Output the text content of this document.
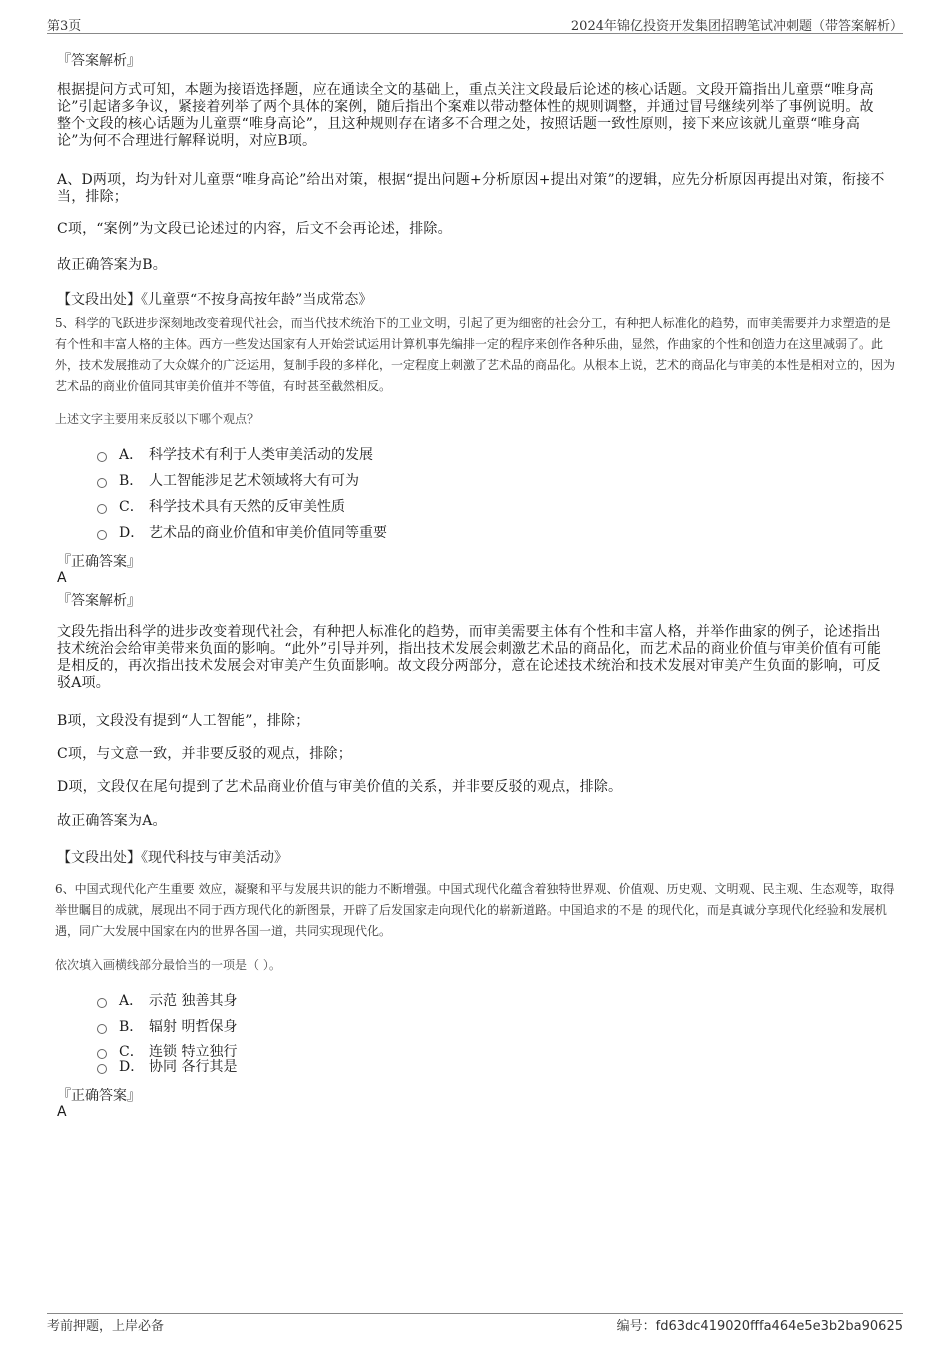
第3页	2024年锦亿投资开发集团招聘笔试冲刺题（带答案解析）
『答案解析』
根据提问方式可知，本题为接语选择题，应在通读全文的基础上，重点关注文段最后论述的核心话题。文段开篇指出儿童票“唯身高论”引起诸多争议，紧接着列举了两个具体的案例，随后指出个案难以带动整体性的规则调整，并通过冒号继续列举了事例说明。故整个文段的核心话题为儿童票“唯身高论”，且这种规则存在诸多不合理之处，按照话题一致性原则，接下来应该就儿童票“唯身高论”为何不合理进行解释说明，对应B项。
A、D两项，均为针对儿童票“唯身高论”给出对策，根据“提出问题+分析原因+提出对策”的逻辑，应先分析原因再提出对策，衔接不当，排除；
C项，“案例”为文段已论述过的内容，后文不会再论述，排除。
故正确答案为B。
【文段出处】《儿童票“不按身高按年龄”当成常态》
5、科学的飞跃进步深刻地改变着现代社会，而当代技术统治下的工业文明，引起了更为细密的社会分工，有种把人标准化的趋势，而审美需要并力求塑造的是有个性和丰富人格的主体。西方一些发达国家有人开始尝试运用计算机事先编排一定的程序来创作各种乐曲，显然，作曲家的个性和创造力在这里减弱了。此外，技术发展推动了大众媒介的广泛运用，复制手段的多样化，一定程度上刺激了艺术品的商品化。从根本上说，艺术的商品化与审美的本性是相对立的，因为艺术品的商业价值同其审美价值并不等值，有时甚至截然相反。
上述文字主要用来反驳以下哪个观点？
A． 科学技术有利于人类审美活动的发展
B． 人工智能涉足艺术领域将大有可为
C． 科学技术具有天然的反审美性质
D． 艺术品的商业价值和审美价值同等重要
『正确答案』
A
『答案解析』
文段先指出科学的进步改变着现代社会，有种把人标准化的趋势，而审美需要主体有个性和丰富人格，并举作曲家的例子，论述指出技术统治会给审美带来负面的影响。“此外”引导并列，指出技术发展会刺激艺术品的商品化，而艺术品的商业价值与审美价值有可能是相反的，再次指出技术发展会对审美产生负面影响。故文段分两部分，意在论述技术统治和技术发展对审美产生负面的影响，可反驳A项。
B项，文段没有提到“人工智能”，排除；
C项，与文意一致，并非要反驳的观点，排除；
D项，文段仅在尾句提到了艺术品商业价值与审美价值的关系，并非要反驳的观点，排除。
故正确答案为A。
【文段出处】《现代科技与审美活动》
6、中国式现代化产生重要 效应，凝聚和平与发展共识的能力不断增强。中国式现代化蕴含着独特世界观、价值观、历史观、文明观、民主观、生态观等，取得举世瞩目的成就，展现出不同于西方现代化的新图景，开辟了后发国家走向现代化的崭新道路。中国追求的不是 的现代化，而是真诚分享现代化经验和发展机遇，同广大发展中国家在内的世界各国一道，共同实现现代化。
依次填入画横线部分最恰当的一项是（ ）。
A． 示范 独善其身
B． 辐射 明哲保身
C． 连锁 特立独行
D． 协同 各行其是
『正确答案』
A
考前押题，上岸必备	编号：fd63dc419020fffa464e5e3b2ba90625
